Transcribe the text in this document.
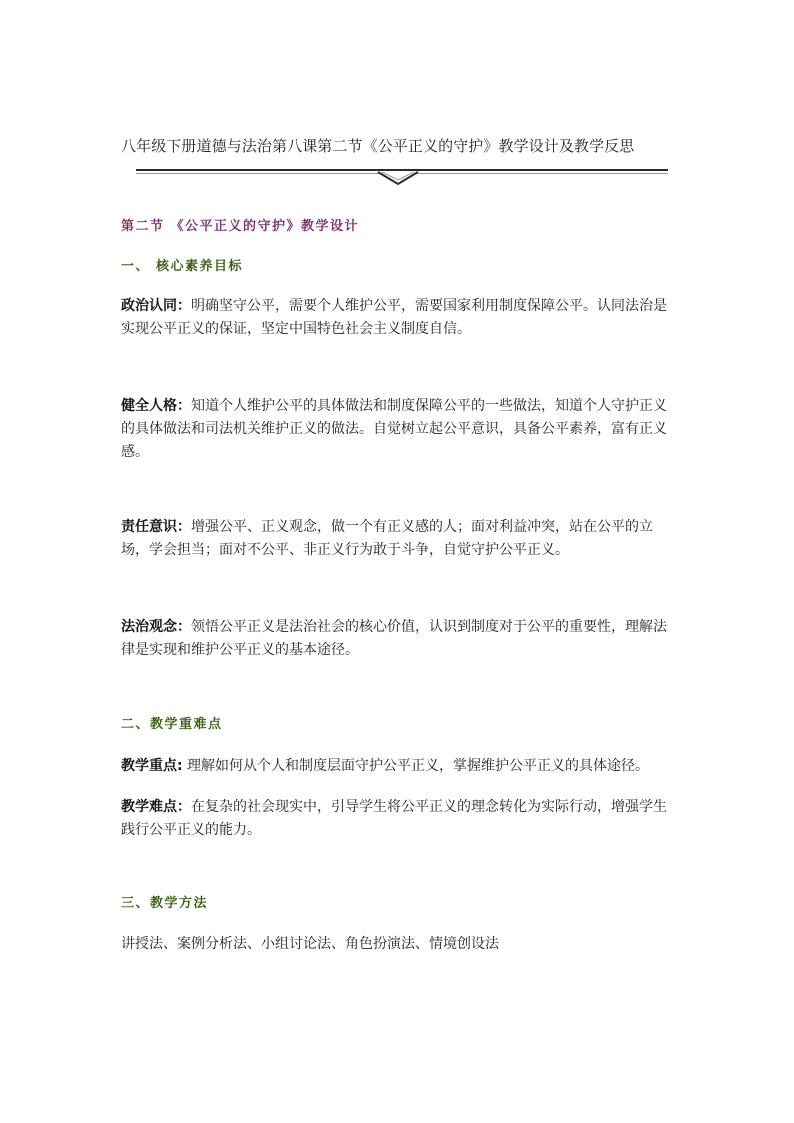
八年级下册道德与法治第八课第二节《公平正义的守护》教学设计及教学反思
第二节 《公平正义的守护》教学设计
一、 核心素养目标
政治认同：明确坚守公平，需要个人维护公平，需要国家利用制度保障公平。认同法治是实现公平正义的保证，坚定中国特色社会主义制度自信。
健全人格：知道个人维护公平的具体做法和制度保障公平的一些做法，知道个人守护正义的具体做法和司法机关维护正义的做法。自觉树立起公平意识，具备公平素养，富有正义感。
责任意识：增强公平、正义观念，做一个有正义感的人；面对利益冲突，站在公平的立场，学会担当；面对不公平、非正义行为敢于斗争，自觉守护公平正义。
法治观念：领悟公平正义是法治社会的核心价值，认识到制度对于公平的重要性，理解法律是实现和维护公平正义的基本途径。
二、教学重难点
教学重点: 理解如何从个人和制度层面守护公平正义，掌握维护公平正义的具体途径。
教学难点：在复杂的社会现实中，引导学生将公平正义的理念转化为实际行动，增强学生践行公平正义的能力。
三、教学方法
讲授法、案例分析法、小组讨论法、角色扮演法、情境创设法
